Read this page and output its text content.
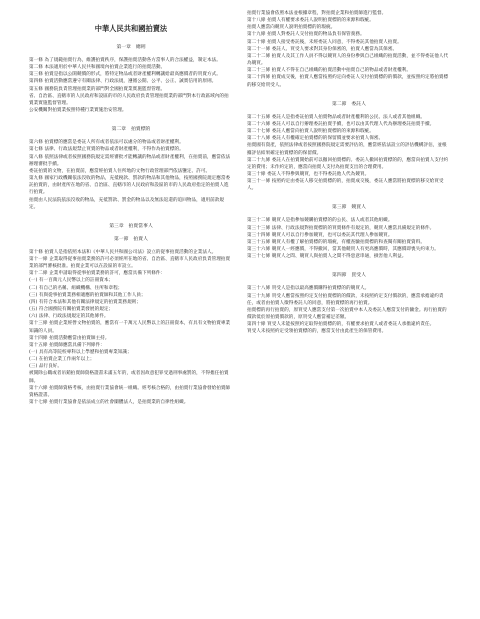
中華人民共和國拍賣法
第一章　總則

第一條 為了規範拍賣行為，維護拍賣秩序，保護拍賣活動各方當事人的合法權益，制定本法。

第二條 本法適用於中華人民共和國境內拍賣企業進行的拍賣活動。

第三條 拍賣是指以公開競價的形式，將特定物品或者財產權利轉讓給最高應價者的買賣方式。

第四條 拍賣活動應當遵守有關法律、行政法規，遵循公開、公平、公正、誠實信用的原則。

第五條 國務院負責管理拍賣業的部門對全國拍賣業實施監督管理。

省、自治區、直轄市的人民政府和設區的市的人民政府負責管理拍賣業的部門對本行政區域內的拍賣業實施監督管理。

公安機關對拍賣業按照特種行業實施治安管理。

第二章　拍賣標的

第六條 拍賣標的應當是委託人所有或者依法可以處分的物品或者財產權利。

第七條 法律、行政法規禁止買賣的物品或者財產權利，不得作為拍賣標的。

第八條 依照法律或者按照國務院規定需經審批才能轉讓的物品或者財產權利，在拍賣前，應當依法辦理審批手續。

委託拍賣的文物，在拍賣前，應當經拍賣人住所地的文物行政管理部門依法鑒定、許可。

第九條 國家行政機關依法沒收的物品，充抵稅款、罰款的物品和其他物品，按照國務院規定應當委託拍賣的，由財產所在地的省、自治區、直轄市的人民政府和設區的市的人民政府指定的拍賣人進行拍賣。

拍賣由人民法院依法沒收的物品，充抵罰款、罰金的物品以及無法返還的追回物品，適用前款規定。

第三章　拍賣當事人
第一節　拍賣人

第十條 拍賣人是指依照本法和《中華人民共和國公司法》設立的從事拍賣活動的企業法人。

第十一條 企業取得從事拍賣業務的許可必須經所在地的省、自治區、直轄市人民政府負責管理拍賣業的部門審核批准。拍賣企業可以在設區的市設立。

第十二條 企業申請取得從事拍賣業務的許可，應當具備下列條件：

(一) 有一百萬元人民幣以上的註冊資本；

(二) 有自己的名稱、組織機構、住所和章程；

(三) 有與從事拍賣業務相適應的拍賣師和其他工作人員；

(四) 有符合本法和其他有關法律規定的拍賣業務規則；

(五) 符合國務院有關拍賣業發展的規定；

(六) 法律、行政法規規定的其他條件。

第十三條 拍賣企業經營文物拍賣的，應當有一千萬元人民幣以上的註冊資本，有具有文物拍賣專業知識的人員。

第十四條 拍賣活動應當由拍賣師主持。

第十五條 拍賣師應當具備下列條件：

(一) 具有高等院校專科以上學歷和拍賣專業知識；

(二) 在拍賣企業工作兩年以上；

(三) 品行良好。

被開除公職或者吊銷拍賣師資格證書未滿五年的，或者因故意犯罪受過刑事處罰的，不得擔任拍賣師。

第十六條 拍賣師資格考核，由拍賣行業協會統一組織。經考核合格的，由拍賣行業協會發給拍賣師資格證書。

第十七條 拍賣行業協會是依法成立的社會團體法人，是拍賣業的自律性組織。

拍賣行業協會依照本法並根據章程，對拍賣企業和拍賣師進行監督。

第十八條 拍賣人有權要求委託人說明拍賣標的的來源和瑕疵。

拍賣人應當向競買人說明拍賣標的的瑕疵。

第十九條 拍賣人對委託人交付拍賣的物品負有保管義務。

第二十條 拍賣人接受委託後，未經委託人同意，不得委託其他拍賣人拍賣。

第二十一條 委託人、買受人要求對其身份保密的，拍賣人應當為其保密。

第二十二條 拍賣人及其工作人員不得以競買人的身份參與自己組織的拍賣活動，並不得委託他人代為競買。

第二十三條 拍賣人不得在自己組織的拍賣活動中拍賣自己的物品或者財產權利。

第二十四條 拍賣成交後，拍賣人應當按照約定向委託人交付拍賣標的的價款，並按照約定將拍賣標的移交給買受人。

第二節　委託人

第二十五條 委託人是指委託拍賣人拍賣物品或者財產權利的公民、法人或者其他組織。

第二十六條 委託人可以自行辦理委託拍賣手續，也可以由其代理人代為辦理委託拍賣手續。

第二十七條 委託人應當向拍賣人說明拍賣標的的來源和瑕疵。

第二十八條 委託人有權確定拍賣標的的保留價並要求拍賣人保密。

拍賣國有資產，依照法律或者按照國務院規定需要評估的，應當經依法設立的評估機構評估，並根據評估結果確定拍賣標的的保留價。

第二十九條 委託人在拍賣開始前可以撤回拍賣標的。委託人撤回拍賣標的的，應當向拍賣人支付約定的費用；未作約定的，應當向拍賣人支付為拍賣支出的合理費用。

第三十條 委託人不得參與競買，也不得委託他人代為競買。

第三十一條 按照約定由委託人移交拍賣標的的，拍賣成交後，委託人應當將拍賣標的移交給買受人。

第三節　競買人

第三十二條 競買人是指參加競購拍賣標的的公民、法人或者其他組織。

第三十三條 法律、行政法規對拍賣標的的買賣條件有規定的，競買人應當具備規定的條件。

第三十四條 競買人可以自行參加競買，也可以委託其代理人參加競買。

第三十五條 競買人有權了解拍賣標的的瑕疵，有權查驗拍賣標的和查閱有關拍賣資料。

第三十六條 競買人一經應價，不得撤回，當其他競買人有更高應價時，其應價即喪失約束力。

第三十七條 競買人之間、競買人與拍賣人之間不得惡意串通，損害他人利益。

第四節　買受人

第三十八條 買受人是指以最高應價購得拍賣標的的競買人。

第三十九條 買受人應當按照約定支付拍賣標的的價款，未按照約定支付價款的，應當承擔違約責任，或者由拍賣人徵得委託人的同意，將拍賣標的再行拍賣。

拍賣標的再行拍賣的，原買受人應當支付第一次拍賣中本人及委託人應當支付的傭金。再行拍賣的價款低於原拍賣價款的，原買受人應當補足差額。

第四十條 買受人未能按照約定取得拍賣標的的，有權要求拍賣人或者委託人承擔違約責任。

買受人未按照約定受領拍賣標的的，應當支付由此產生的保管費用。
